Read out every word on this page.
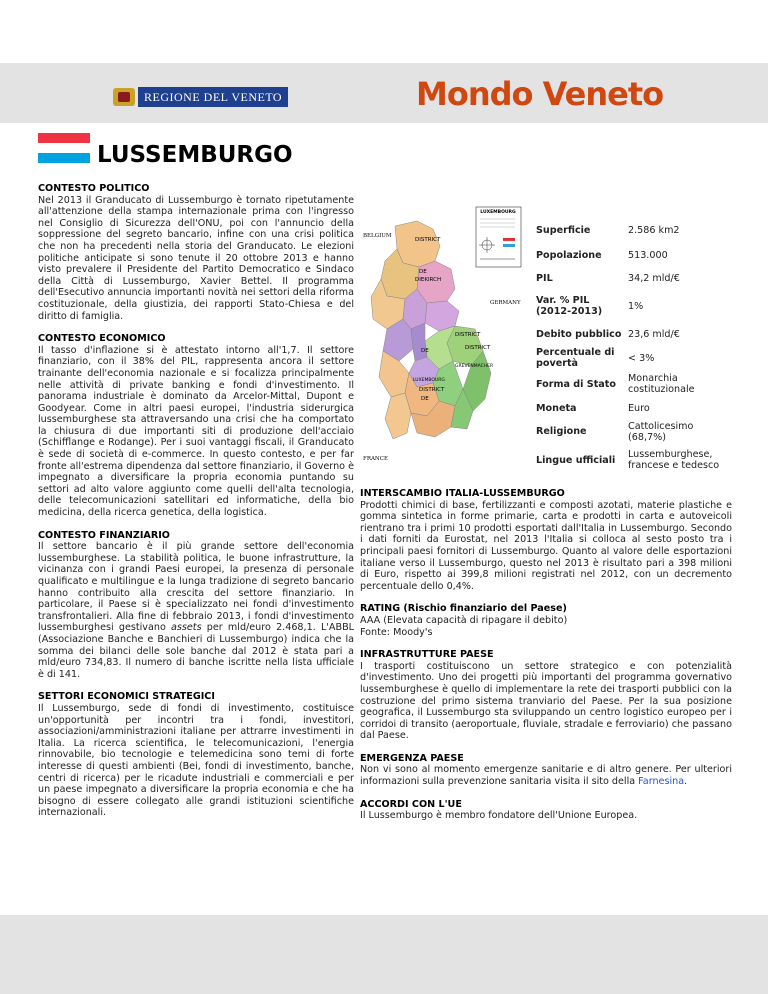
REGIONE DEL VENETO	Mondo Veneto
LUSSEMBURGO
CONTESTO POLITICO

Nel 2013 il Granducato di Lussemburgo è tornato ripetutamente all'attenzione della stampa internazionale prima con l'ingresso nel Consiglio di Sicurezza dell'ONU, poi con l'annuncio della soppressione del segreto bancario, infine con una crisi politica che non ha precedenti nella storia del Granducato. Le elezioni politiche anticipate si sono tenute il 20 ottobre 2013 e hanno visto prevalere il Presidente del Partito Democratico e Sindaco della Città di Lussemburgo, Xavier Bettel. Il programma dell'Esecutivo annuncia importanti novità nei settori della riforma costituzionale, della giustizia, dei rapporti Stato-Chiesa e del diritto di famiglia.

CONTESTO ECONOMICO

Il tasso d'inflazione si è attestato intorno all'1,7. Il settore finanziario, con il 38% del PIL, rappresenta ancora il settore trainante dell'economia nazionale e si focalizza principalmente nelle attività di private banking e fondi d'investimento. Il panorama industriale è dominato da Arcelor-Mittal, Dupont e Goodyear. Come in altri paesi europei, l'industria siderurgica lussemburghese sta attraversando una crisi che ha comportato la chiusura di due importanti siti di produzione dell'acciaio (Schifflange e Rodange). Per i suoi vantaggi fiscali, il Granducato è sede di società di e-commerce. In questo contesto, e per far fronte all'estrema dipendenza dal settore finanziario, il Governo è impegnato a diversificare la propria economia puntando su settori ad alto valore aggiunto come quelli dell'alta tecnologia, delle telecomunicazioni satellitari ed informatiche, della bio medicina, della ricerca genetica, della logistica.

CONTESTO FINANZIARIO

Il settore bancario è il più grande settore dell'economia lussemburghese. La stabilità politica, le buone infrastrutture, la vicinanza con i grandi Paesi europei, la presenza di personale qualificato e multilingue e la lunga tradizione di segreto bancario hanno contribuito alla crescita del settore finanziario. In particolare, il Paese si è specializzato nei fondi d'investimento transfrontalieri. Alla fine di febbraio 2013, i fondi d'investimento lussemburghesi gestivano assets per mld/euro 2.468,1. L'ABBL (Associazione Banche e Banchieri di Lussemburgo) indica che la somma dei bilanci delle sole banche dal 2012 è stata pari a mld/euro 734,83. Il numero di banche iscritte nella lista ufficiale è di 141.

SETTORI ECONOMICI STRATEGICI

Il Lussemburgo, sede di fondi di investimento, costituisce un'opportunità per incontri tra i fondi, investitori, associazioni/amministrazioni italiane per attrarre investimenti in Italia. La ricerca scientifica, le telecomunicazioni, l'energia rinnovabile, bio tecnologie e telemedicina sono temi di forte interesse di questi ambienti (Bei, fondi di investimento, banche, centri di ricerca) per le ricadute industriali e commerciali e per un paese impegnato a diversificare la propria economia e che ha bisogno di essere collegato alle grandi istituzioni scientifiche internazionali.

LUXEMBOURG
BELGIUM
GERMANY
FRANCE
DISTRICT
DISTRICT
DE
DIEKIRCH
DISTRICT
DE
GREVENMACHER
LUXEMBOURG
DISTRICT
DE
Superficie	2.586 km2
Popolazione	513.000
PIL	34,2 mld/€
Var. % PIL (2012-2013)	1%
Debito pubblico	23,6 mld/€
Percentuale di povertà	< 3%
Forma di Stato	Monarchia costituzionale
Moneta	Euro
Religione	Cattolicesimo (68,7%)
Lingue ufficiali	Lussemburghese, francese e tedesco
INTERSCAMBIO ITALIA-LUSSEMBURGO

Prodotti chimici di base, fertilizzanti e composti azotati, materie plastiche e gomma sintetica in forme primarie, carta e prodotti in carta e autoveicoli rientrano tra i primi 10 prodotti esportati dall'Italia in Lussemburgo. Secondo i dati forniti da Eurostat, nel 2013 l'Italia si colloca al sesto posto tra i principali paesi fornitori di Lussemburgo. Quanto al valore delle esportazioni italiane verso il Lussemburgo, questo nel 2013 è risultato pari a 398 milioni di Euro, rispetto ai 399,8 milioni registrati nel 2012, con un decremento percentuale dello 0,4%.

RATING (Rischio finanziario del Paese)

AAA (Elevata capacità di ripagare il debito)

Fonte: Moody's

INFRASTRUTTURE PAESE

I trasporti costituiscono un settore strategico e con potenzialità d'investimento. Uno dei progetti più importanti del programma governativo lussemburghese è quello di implementare la rete dei trasporti pubblici con la costruzione del primo sistema tranviario del Paese. Per la sua posizione geografica, il Lussemburgo sta sviluppando un centro logistico europeo per i corridoi di transito (aeroportuale, fluviale, stradale e ferroviario) che passano dal Paese.

EMERGENZA PAESE

Non vi sono al momento emergenze sanitarie e di altro genere. Per ulteriori informazioni sulla prevenzione sanitaria visita il sito della Farnesina.

ACCORDI CON L'UE

Il Lussemburgo è membro fondatore dell'Unione Europea.
